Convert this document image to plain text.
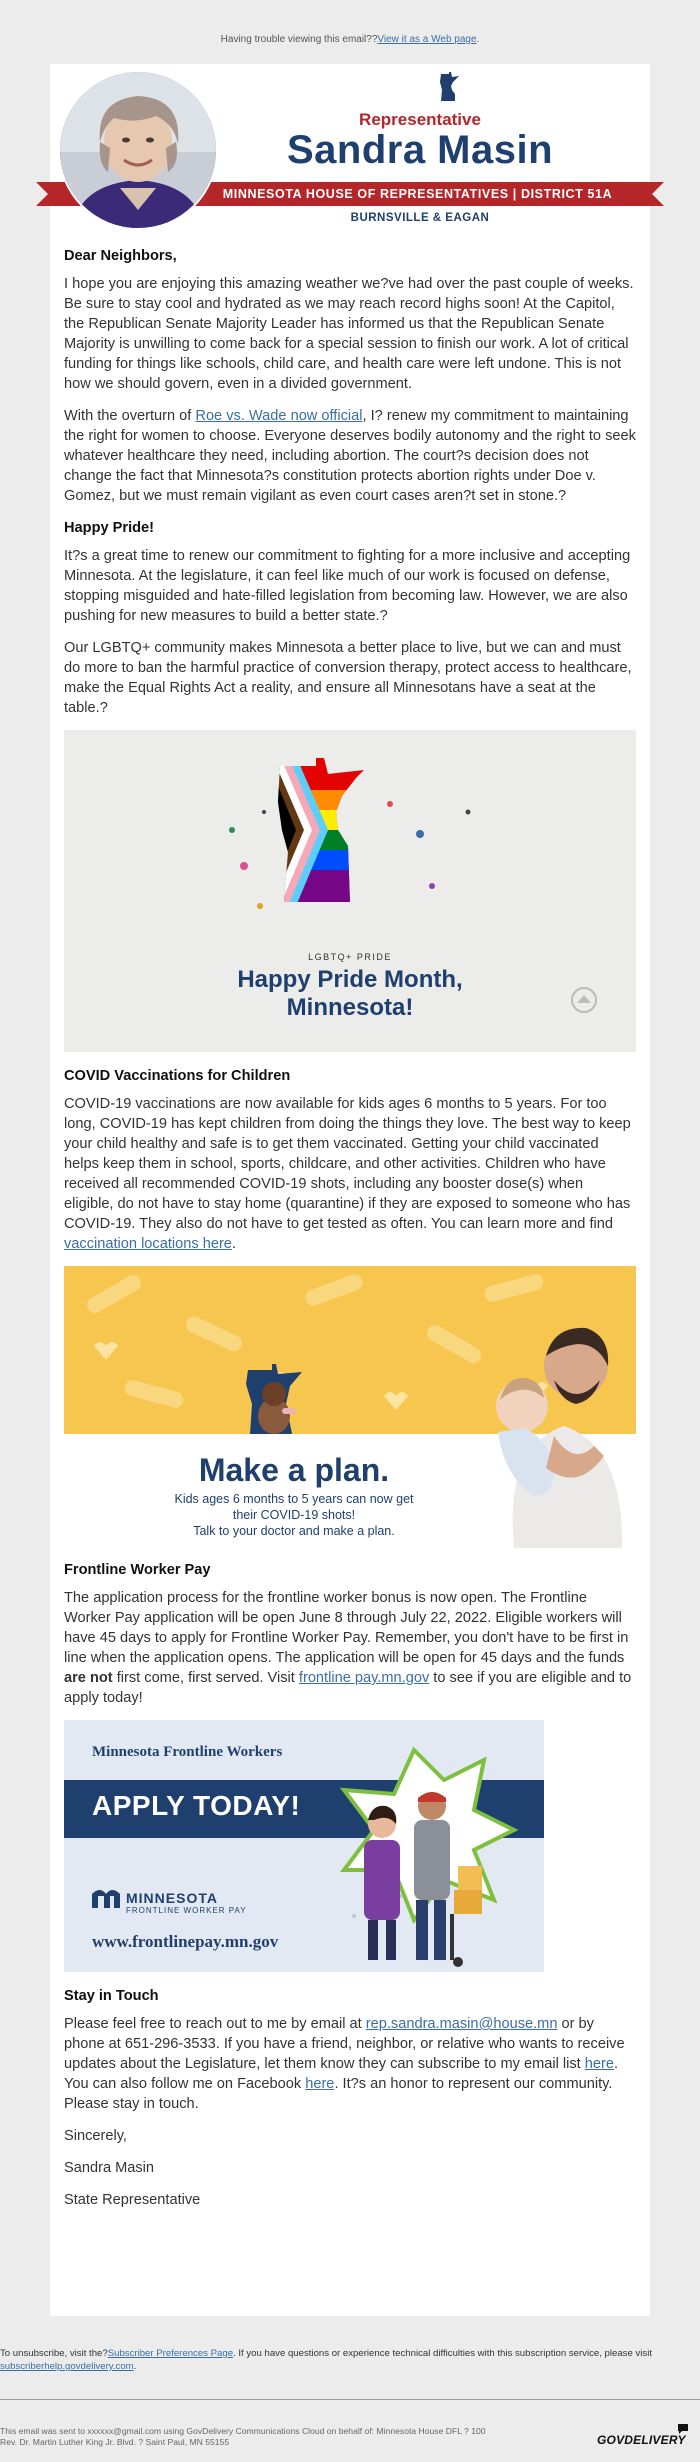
Having trouble viewing this email??View it as a Web page.
MINNESOTA HOUSE OF REPRESENTATIVES | DISTRICT 51A
Representative
Sandra Masin
BURNSVILLE & EAGAN
Dear Neighbors,

I hope you are enjoying this amazing weather we?ve had over the past couple of weeks. Be sure to stay cool and hydrated as we may reach record highs soon! At the Capitol, the Republican Senate Majority Leader has informed us that the Republican Senate Majority is unwilling to come back for a special session to finish our work. A lot of critical funding for things like schools, child care, and health care were left undone. This is not how we should govern, even in a divided government.

With the overturn of Roe vs. Wade now official, I? renew my commitment to maintaining the right for women to choose. Everyone deserves bodily autonomy and the right to seek whatever healthcare they need, including abortion. The court?s decision does not change the fact that Minnesota?s constitution protects abortion rights under Doe v. Gomez, but we must remain vigilant as even court cases aren?t set in stone.?

Happy Pride!

It?s a great time to renew our commitment to fighting for a more inclusive and accepting Minnesota. At the legislature, it can feel like much of our work is focused on defense, stopping misguided and hate-filled legislation from becoming law. However, we are also pushing for new measures to build a better state.?

Our LGBTQ+ community makes Minnesota a better place to live, but we can and must do more to ban the harmful practice of conversion therapy, protect access to healthcare, make the Equal Rights Act a reality, and ensure all Minnesotans have a seat at the table.?

LGBTQ+ PRIDE
Happy Pride Month,
Minnesota!
COVID Vaccinations for Children

COVID-19 vaccinations are now available for kids ages 6 months to 5 years. For too long, COVID-19 has kept children from doing the things they love. The best way to keep your child healthy and safe is to get them vaccinated. Getting your child vaccinated helps keep them in school, sports, childcare, and other activities. Children who have received all recommended COVID-19 shots, including any booster dose(s) when eligible, do not have to stay home (quarantine) if they are exposed to someone who has COVID-19. They also do not have to get tested as often. You can learn more and find vaccination locations here.

Make a plan.
Kids ages 6 months to 5 years can now get
their COVID-19 shots!
Talk to your doctor and make a plan.
Frontline Worker Pay

The application process for the frontline worker bonus is now open. The Frontline Worker Pay application will be open June 8 through July 22, 2022. Eligible workers will have 45 days to apply for Frontline Worker Pay. Remember, you don't have to be first in line when the application opens. The application will be open for 45 days and the funds are not first come, first served. Visit frontline pay.mn.gov to see if you are eligible and to apply today!

Minnesota Frontline Workers
APPLY TODAY!
MINNESOTA
FRONTLINE WORKER PAY
www.frontlinepay.mn.gov
Stay in Touch

Please feel free to reach out to me by email at rep.sandra.masin@house.mn or by phone at 651-296-3533. If you have a friend, neighbor, or relative who wants to receive updates about the Legislature, let them know they can subscribe to my email list here. You can also follow me on Facebook here. It?s an honor to represent our community. Please stay in touch.

Sincerely,

Sandra Masin

State Representative

To unsubscribe, visit the?Subscriber Preferences Page. If you have questions or experience technical difficulties with this subscription service, please visit subscriberhelp.govdelivery.com.
This email was sent to xxxxxx@gmail.com using GovDelivery Communications Cloud on behalf of: Minnesota House DFL ? 100
Rev. Dr. Martin Luther King Jr. Blvd. ? Saint Paul, MN 55155	GOVDELIVERY
